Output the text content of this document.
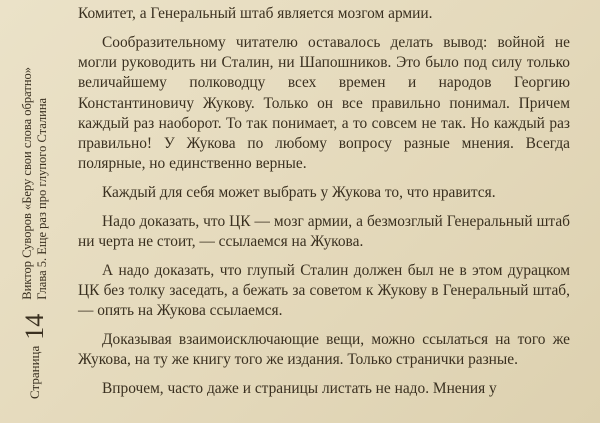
Страница
14
Виктор Суворов «Беру свои слова обратно» Глава 5. Еще раз про глупого Сталина

Комитет, а Генеральный штаб является мозгом армии.

Сообразительному читателю оставалось делать вывод: войной не могли руководить ни Сталин, ни Шапошников. Это было под силу только величайшему полководцу всех времен и народов Георгию Константиновичу Жукову. Только он все правильно понимал. Причем каждый раз наоборот. То так понимает, а то совсем не так. Но каждый раз правильно! У Жукова по любому вопросу разные мнения. Всегда полярные, но единственно верные.

Каждый для себя может выбрать у Жукова то, что нравится.

Надо доказать, что ЦК — мозг армии, а безмозглый Генеральный штаб ни черта не стоит, — ссылаемся на Жукова.

А надо доказать, что глупый Сталин должен был не в этом дурацком ЦК без толку заседать, а бежать за советом к Жукову в Генеральный штаб, — опять на Жукова ссылаемся.

Доказывая взаимоисключающие вещи, можно ссылаться на того же Жукова, на ту же книгу того же издания. Только странички разные.

Впрочем, часто даже и страницы листать не надо. Мнения у
